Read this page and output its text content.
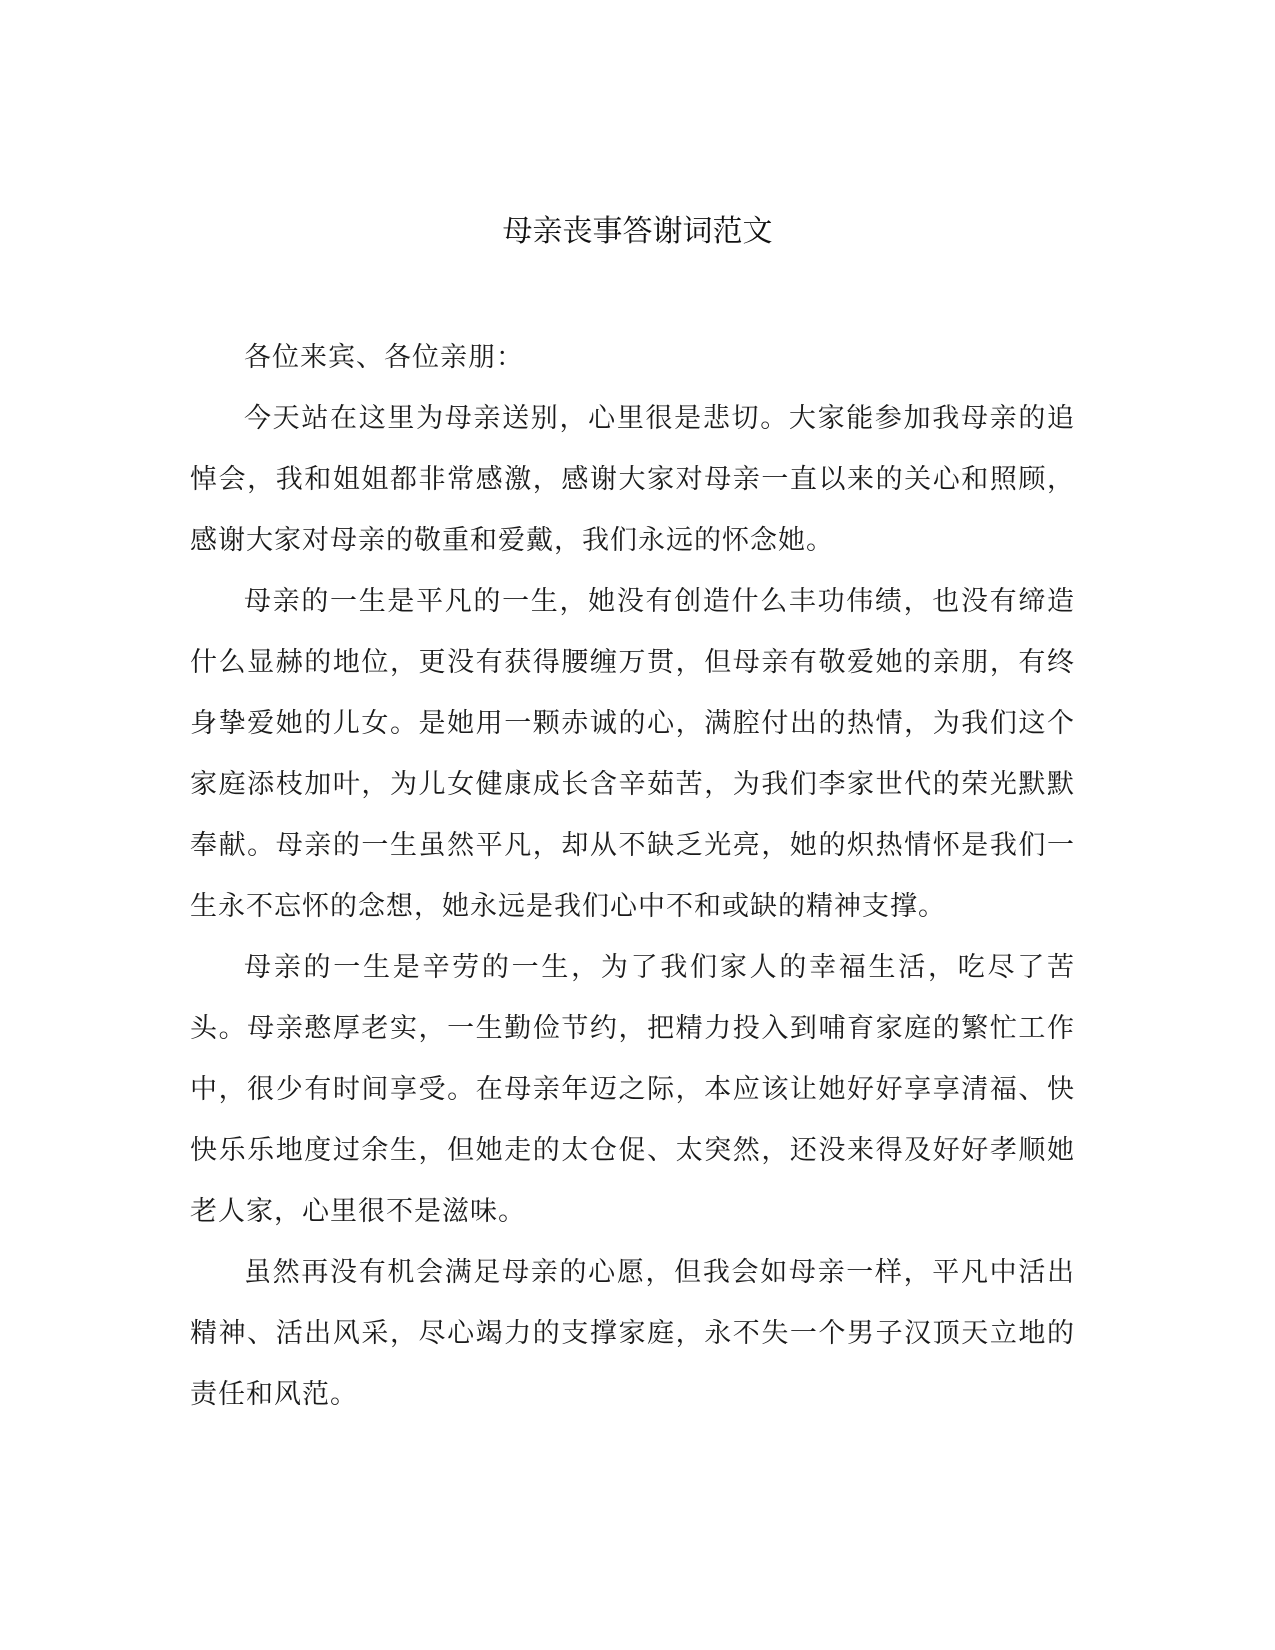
母亲丧事答谢词范文

各位来宾、各位亲朋：

今天站在这里为母亲送别，心里很是悲切。大家能参加我母亲的追悼会，我和姐姐都非常感激，感谢大家对母亲一直以来的关心和照顾，感谢大家对母亲的敬重和爱戴，我们永远的怀念她。

母亲的一生是平凡的一生，她没有创造什么丰功伟绩，也没有缔造什么显赫的地位，更没有获得腰缠万贯，但母亲有敬爱她的亲朋，有终身挚爱她的儿女。是她用一颗赤诚的心，满腔付出的热情，为我们这个家庭添枝加叶，为儿女健康成长含辛茹苦，为我们李家世代的荣光默默奉献。母亲的一生虽然平凡，却从不缺乏光亮，她的炽热情怀是我们一生永不忘怀的念想，她永远是我们心中不和或缺的精神支撑。

母亲的一生是辛劳的一生，为了我们家人的幸福生活，吃尽了苦头。母亲憨厚老实，一生勤俭节约，把精力投入到哺育家庭的繁忙工作中，很少有时间享受。在母亲年迈之际，本应该让她好好享享清福、快快乐乐地度过余生，但她走的太仓促、太突然，还没来得及好好孝顺她老人家，心里很不是滋味。

虽然再没有机会满足母亲的心愿，但我会如母亲一样，平凡中活出精神、活出风采，尽心竭力的支撑家庭，永不失一个男子汉顶天立地的责任和风范。
